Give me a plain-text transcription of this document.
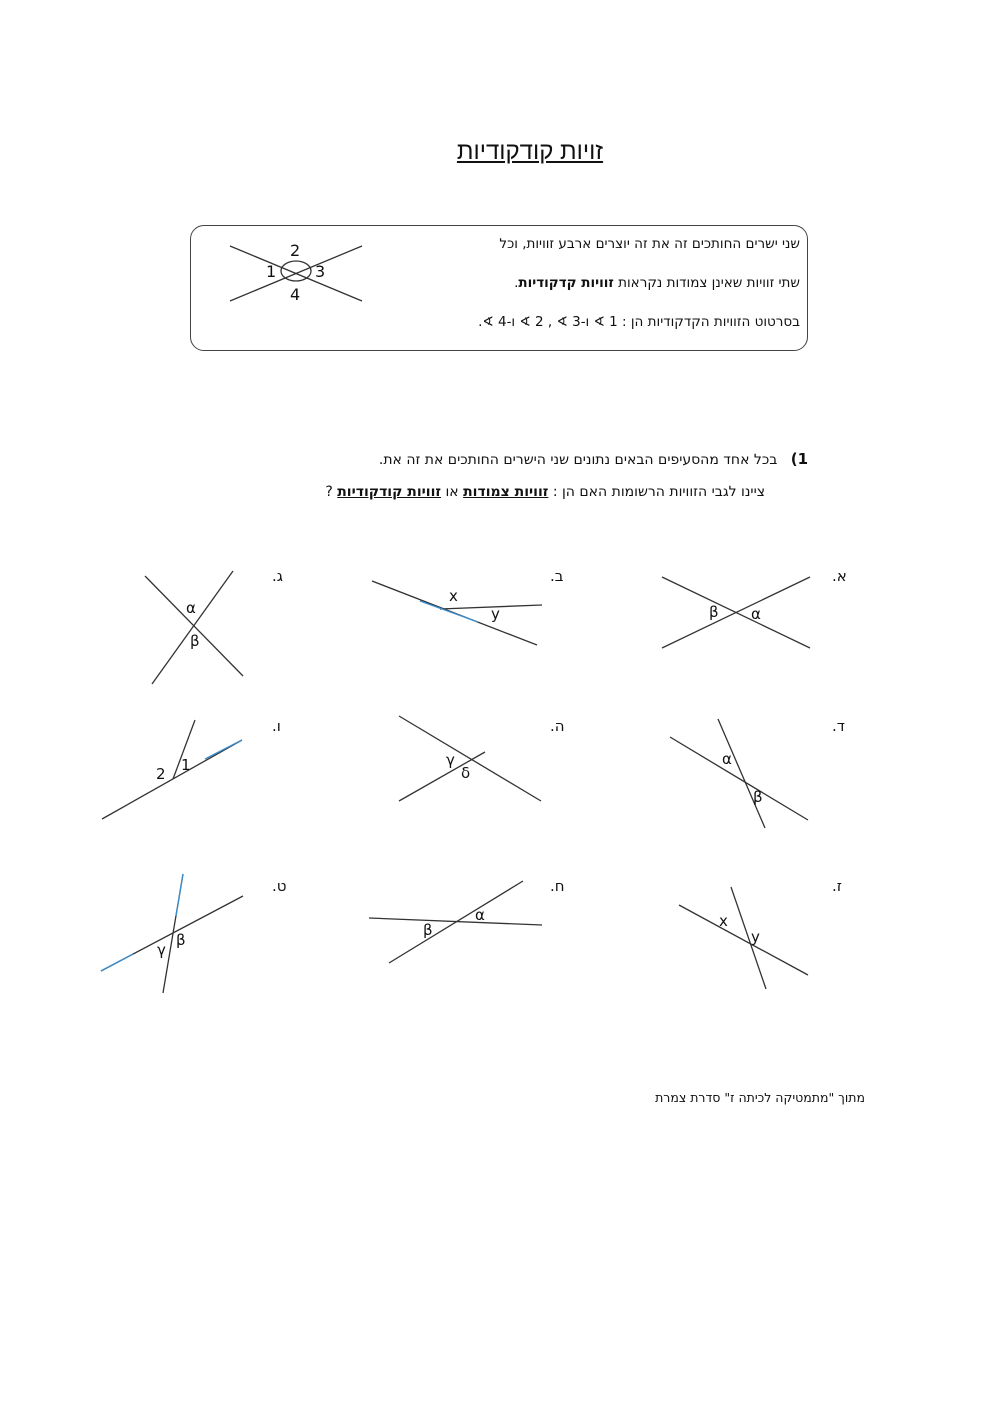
זויות קודקודיות
שני ישרים החותכים זה את זה יוצרים ארבע זוויות, וכל
שתי זוויות שאינן צמודות נקראות זוויות קדקודיות.
בסרטוט הזוויות הקדקודיות הן : 1 ∢ ו-3 ∢ , 2 ∢ ו-4 ∢.
2
1 3
4
1)   בכל אחד מהסעיפים הבאים נתונים שני הישרים החותכים את זה את.
ציינו לגבי הזוויות הרשומות האם הן : זוויות צמודות או זוויות קודקודיות ?
א.
ב.
ג.
ד.
ה.
ו.
ז.
ח.
ט.
β α
x
y
α
β
α
β
γ
δ
2 1
x
y
β
α
γ
β
מתוך "מתמטיקה לכיתה ז" סדרת צמרת
